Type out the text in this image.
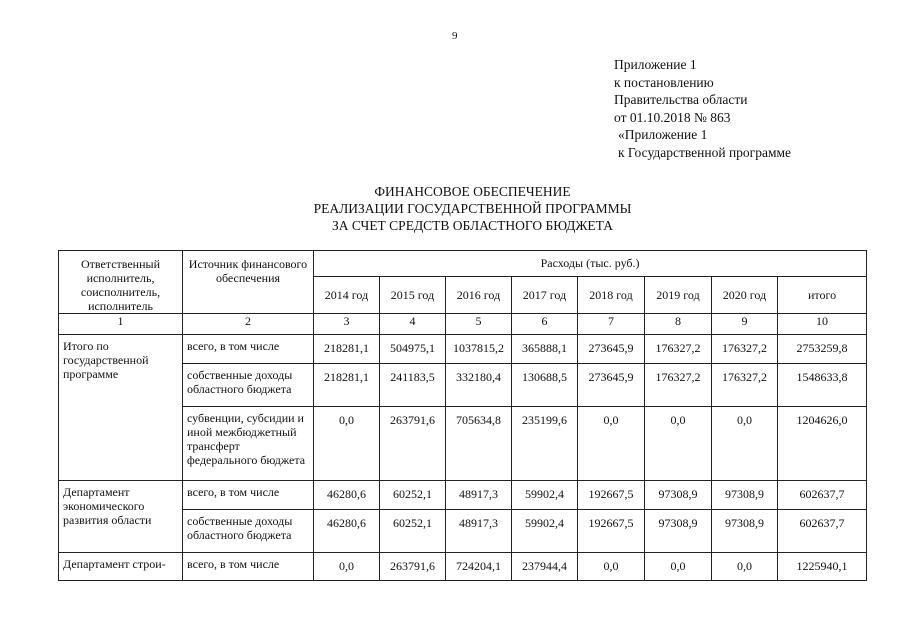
9
Приложение 1
к постановлению
Правительства области
от 01.10.2018 № 863
«Приложение 1
к Государственной программе
ФИНАНСОВОЕ ОБЕСПЕЧЕНИЕ
РЕАЛИЗАЦИИ ГОСУДАРСТВЕННОЙ ПРОГРАММЫ
ЗА СЧЕТ СРЕДСТВ ОБЛАСТНОГО БЮДЖЕТА
Ответственный исполнитель, соисполнитель, исполнитель	Источник финансового обеспечения	Расходы (тыс. руб.)							
		2014 год	2015 год	2016 год	2017 год	2018 год	2019 год	2020 год	итого
1	2	3	4	5	6	7	8	9	10
Итого по государственной программе	всего, в том числе	218281,1	504975,1	1037815,2	365888,1	273645,9	176327,2	176327,2	2753259,8
	собственные доходы областного бюджета	218281,1	241183,5	332180,4	130688,5	273645,9	176327,2	176327,2	1548633,8
	субвенции, субсидии и иной межбюджетный трансферт федерального бюджета	0,0	263791,6	705634,8	235199,6	0,0	0,0	0,0	1204626,0
Департамент экономического развития области	всего, в том числе	46280,6	60252,1	48917,3	59902,4	192667,5	97308,9	97308,9	602637,7
	собственные доходы областного бюджета	46280,6	60252,1	48917,3	59902,4	192667,5	97308,9	97308,9	602637,7
Департамент строи-	всего, в том числе	0,0	263791,6	724204,1	237944,4	0,0	0,0	0,0	1225940,1
